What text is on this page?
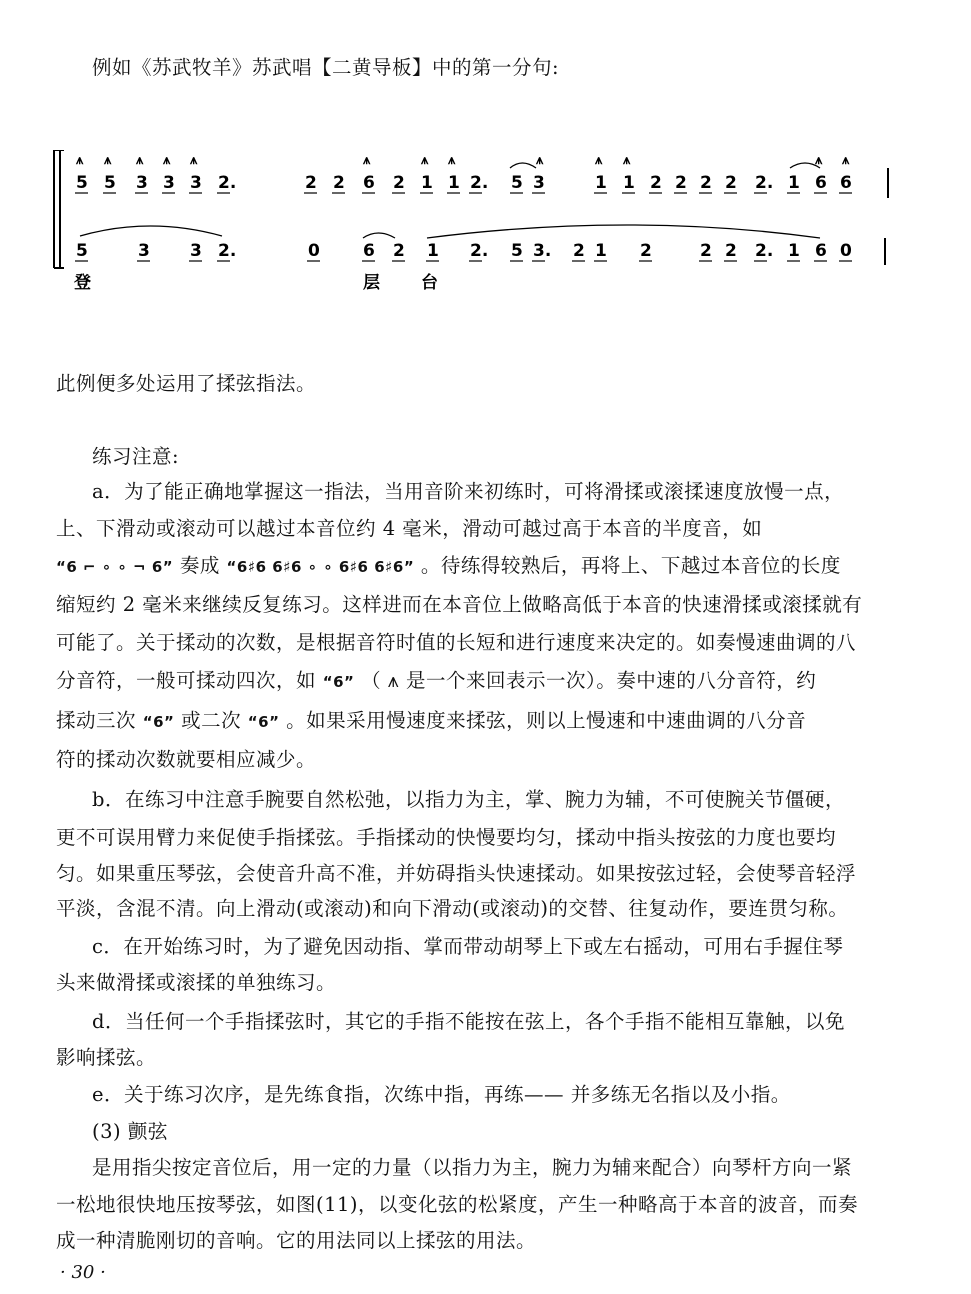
例如《苏武牧羊》苏武唱【二黄导板】中的第一分句:
5 5 3 3 3 2.	2 2 6 2 1 1 2. 5 3	1 1 2 2 2 2 2. 1 6 6
⩚ ⩚ ⩚ ⩚ ⩚	⩚	⩚ ⩚	⩚	⩚ ⩚	⩚ ⩚
5	3 3 2.	0	6 2 1 2. 5 3. 2 1 2	2 2 2. 1 6 0
登	层 台
此例便多处运用了揉弦指法。
练习注意:
a．为了能正确地掌握这一指法，当用音阶来初练时，可将滑揉或滚揉速度放慢一点，
上、下滑动或滚动可以越过本音位约 4 毫米，滑动可越过高于本音的半度音，如
“6 ⌐ ∘ ∘ ¬ 6” 奏成 “6♯6 6♯6 ∘ ∘ 6♯6 6♯6” 。待练得较熟后，再将上、下越过本音位的长度
缩短约 2 毫米来继续反复练习。这样进而在本音位上做略高低于本音的快速滑揉或滚揉就有
可能了。关于揉动的次数，是根据音符时值的长短和进行速度来决定的。如奏慢速曲调的八
分音符，一般可揉动四次，如 “6” （ ⩚ 是一个来回表示一次）。奏中速的八分音符，约
揉动三次 “6” 或二次 “6” 。如果采用慢速度来揉弦，则以上慢速和中速曲调的八分音
符的揉动次数就要相应减少。
b．在练习中注意手腕要自然松弛，以指力为主，掌、腕力为辅，不可使腕关节僵硬，
更不可误用臂力来促使手指揉弦。手指揉动的快慢要均匀，揉动中指头按弦的力度也要均
匀。如果重压琴弦，会使音升高不准，并妨碍指头快速揉动。如果按弦过轻，会使琴音轻浮
平淡，含混不清。向上滑动(或滚动)和向下滑动(或滚动)的交替、往复动作，要连贯匀称。
c．在开始练习时，为了避免因动指、掌而带动胡琴上下或左右摇动，可用右手握住琴
头来做滑揉或滚揉的单独练习。
d．当任何一个手指揉弦时，其它的手指不能按在弦上，各个手指不能相互靠触，以免
影响揉弦。
e．关于练习次序，是先练食指，次练中指，再练—— 并多练无名指以及小指。
(3) 颤弦
是用指尖按定音位后，用一定的力量（以指力为主，腕力为辅来配合）向琴杆方向一紧
一松地很快地压按琴弦，如图(11)，以变化弦的松紧度，产生一种略高于本音的波音，而奏
成一种清脆刚切的音响。它的用法同以上揉弦的用法。
· 30 ·
